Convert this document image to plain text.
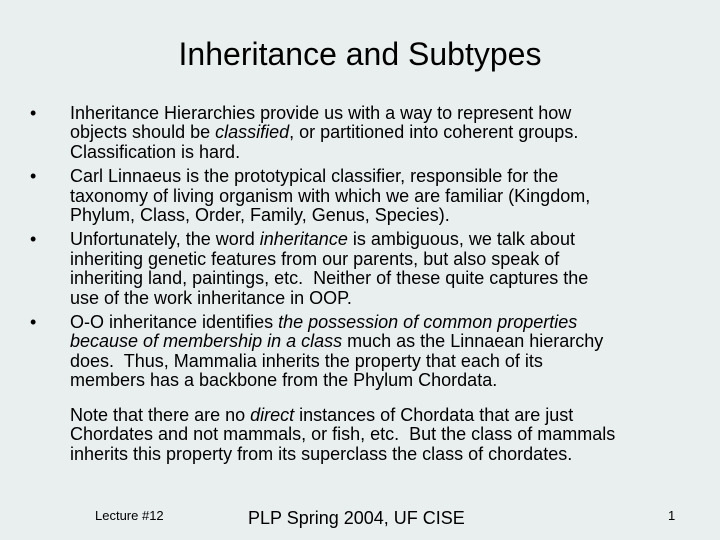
Inheritance and Subtypes
• Inheritance Hierarchies provide us with a way to represent how
objects should be classified, or partitioned into coherent groups.
Classification is hard.
• Carl Linnaeus is the prototypical classifier, responsible for the
taxonomy of living organism with which we are familiar (Kingdom,
Phylum, Class, Order, Family, Genus, Species).
• Unfortunately, the word inheritance is ambiguous, we talk about
inheriting genetic features from our parents, but also speak of
inheriting land, paintings, etc.  Neither of these quite captures the
use of the work inheritance in OOP.
• O-O inheritance identifies the possession of common properties
because of membership in a class much as the Linnaean hierarchy
does.  Thus, Mammalia inherits the property that each of its
members has a backbone from the Phylum Chordata.
Note that there are no direct instances of Chordata that are just
Chordates and not mammals, or fish, etc.  But the class of mammals
inherits this property from its superclass the class of chordates.
Lecture #12	PLP Spring 2004, UF CISE	1
